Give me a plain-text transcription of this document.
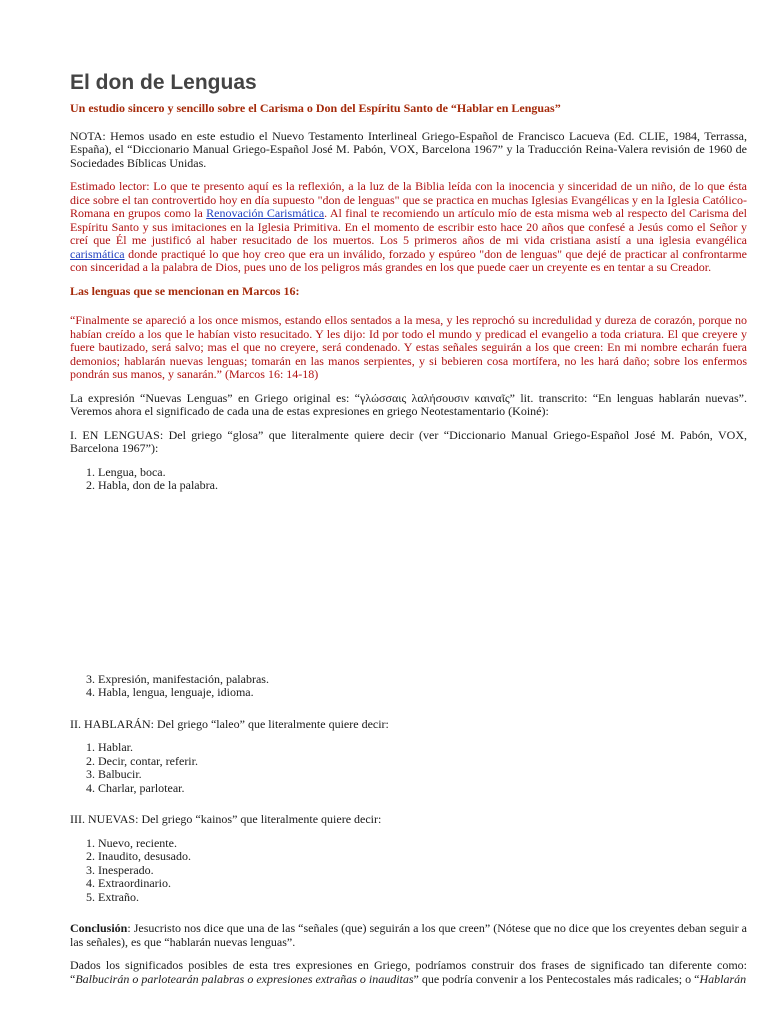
El don de Lenguas
Un estudio sincero y sencillo sobre el Carisma o Don del Espíritu Santo de “Hablar en Lenguas”

NOTA: Hemos usado en este estudio el Nuevo Testamento Interlineal Griego-Español de Francisco Lacueva (Ed. CLIE, 1984, Terrassa, España), el “Diccionario Manual Griego-Español José M. Pabón, VOX, Barcelona 1967” y la Traducción Reina-Valera revisión de 1960 de Sociedades Bíblicas Unidas.

Estimado lector: Lo que te presento aquí es la reflexión, a la luz de la Biblia leída con la inocencia y sinceridad de un niño, de lo que ésta dice sobre el tan controvertido hoy en día supuesto "don de lenguas" que se practica en muchas Iglesias Evangélicas y en la Iglesia Católico-Romana en grupos como la Renovación Carismática. Al final te recomiendo un artículo mío de esta misma web al respecto del Carisma del Espíritu Santo y sus imitaciones en la Iglesia Primitiva. En el momento de escribir esto hace 20 años que confesé a Jesús como el Señor y creí que Él me justificó al haber resucitado de los muertos. Los 5 primeros años de mi vida cristiana asistí a una iglesia evangélica carismática donde practiqué lo que hoy creo que era un inválido, forzado y espúreo "don de lenguas" que dejé de practicar al confrontarme con sinceridad a la palabra de Dios, pues uno de los peligros más grandes en los que puede caer un creyente es en tentar a su Creador.

Las lenguas que se mencionan en Marcos 16:

“Finalmente se apareció a los once mismos, estando ellos sentados a la mesa, y les reprochó su incredulidad y dureza de corazón, porque no habían creído a los que le habían visto resucitado. Y les dijo: Id por todo el mundo y predicad el evangelio a toda criatura. El que creyere y fuere bautizado, será salvo; mas el que no creyere, será condenado. Y estas señales seguirán a los que creen: En mi nombre echarán fuera demonios; hablarán nuevas lenguas; tomarán en las manos serpientes, y si bebieren cosa mortífera, no les hará daño; sobre los enfermos pondrán sus manos, y sanarán.” (Marcos 16: 14-18)

La expresión “Nuevas Lenguas” en Griego original es: “γλώσσαις λαλήσουσιν καιναῖς” lit. transcrito: “En lenguas hablarán nuevas”. Veremos ahora el significado de cada una de estas expresiones en griego Neotestamentario (Koiné):

I. EN LENGUAS: Del griego “glosa” que literalmente quiere decir (ver “Diccionario Manual Griego-Español José M. Pabón, VOX, Barcelona 1967”):

1. Lengua, boca.
2. Habla, don de la palabra.
3. Expresión, manifestación, palabras.
4. Habla, lengua, lenguaje, idioma.

II. HABLARÁN: Del griego “laleo” que literalmente quiere decir:

1. Hablar.
2. Decir, contar, referir.
3. Balbucir.
4. Charlar, parlotear.

III. NUEVAS: Del griego “kainos” que literalmente quiere decir:

1. Nuevo, reciente.
2. Inaudito, desusado.
3. Inesperado.
4. Extraordinario.
5. Extraño.

Conclusión: Jesucristo nos dice que una de las “señales (que) seguirán a los que creen” (Nótese que no dice que los creyentes deban seguir a las señales), es que “hablarán nuevas lenguas”.

Dados los significados posibles de esta tres expresiones en Griego, podríamos construir dos frases de significado tan diferente como: “Balbucirán o parlotearán palabras o expresiones extrañas o inauditas” que podría convenir a los Pentecostales más radicales; o “Hablarán
